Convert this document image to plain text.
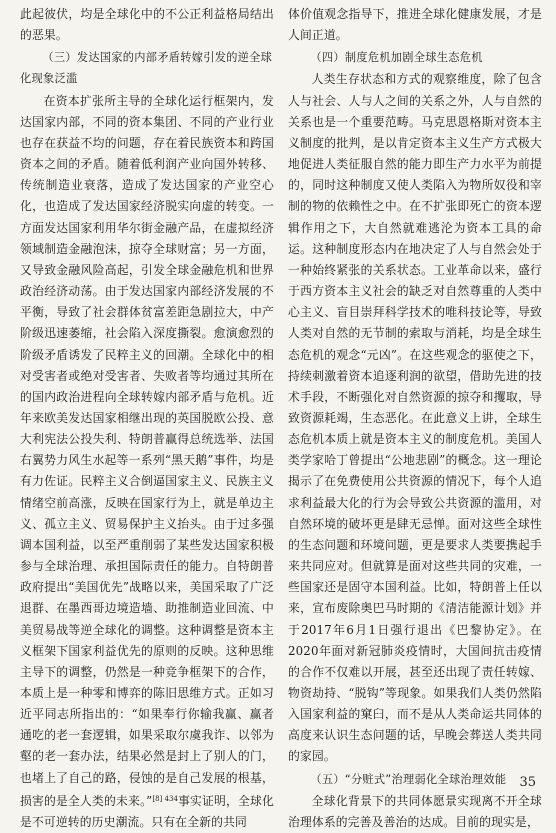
此起彼伏，均是全球化中的不公正利益格局结出的恶果。

（三）发达国家的内部矛盾转嫁引发的逆全球化现象泛滥

在资本扩张所主导的全球化运行框架内，发达国家内部，不同的资本集团、不同的产业行业也存在获益不均的问题，存在着民族资本和跨国资本之间的矛盾。随着低利润产业向国外转移、传统制造业衰落，造成了发达国家的产业空心化，也造成了发达国家经济脱实向虚的转变。一方面发达国家利用华尔街金融产品，在虚拟经济领域制造金融泡沫，掠夺全球财富；另一方面，又导致金融风险高起，引发全球金融危机和世界政治经济动荡。由于发达国家内部经济发展的不平衡，导致了社会群体贫富差距急剧拉大，中产阶级迅速萎缩，社会陷入深度撕裂。愈演愈烈的阶级矛盾诱发了民粹主义的回潮。全球化中的相对受害者或绝对受害者、失败者等均通过其所在的国内政治进程向全球转嫁内部矛盾与危机。近年来欧美发达国家相继出现的英国脱欧公投、意大利宪法公投失利、特朗普赢得总统选举、法国右翼势力风生水起等一系列“黑天鹅”事件，均是有力佐证。民粹主义合倒逼国家主义、民族主义情绪空前高涨，反映在国家行为上，就是单边主义、孤立主义、贸易保护主义抬头。由于过多强调本国利益，以至严重削弱了某些发达国家积极参与全球治理、承担国际责任的能力。自特朗普政府提出“美国优先”战略以来，美国采取了广泛退群、在墨西哥边境造墙、助推制造业回流、中美贸易战等逆全球化的调整。这种调整是资本主义框架下国家利益优先的原则的反映。这种思维主导下的调整，仍然是一种竞争框架下的合作，本质上是一种零和博弈的陈旧思维方式。正如习近平同志所指出的：“如果奉行你输我赢、赢者通吃的老一套逻辑，如果采取尔虞我诈、以邻为壑的老一套办法，结果必然是封上了别人的门，也堵上了自己的路，侵蚀的是自己发展的根基，损害的是全人类的未来。”$^{[8] 434}$事实证明，全球化是不可逆转的历史潮流。只有在全新的共同

体价值观念指导下，推进全球化健康发展，才是人间正道。

（四）制度危机加剧全球生态危机

人类生存状态和方式的观察维度，除了包含人与社会、人与人之间的关系之外，人与自然的关系也是一个重要范畴。马克思恩格斯对资本主义制度的批判，是以肯定资本主义生产方式极大地促进人类征服自然的能力即生产力水平为前提的，同时这种制度又使人类陷入为物所奴役和宰制的物的依赖性之中。在不扩张即死亡的资本逻辑作用之下，大自然就难逃沦为资本工具的命运。这种制度形态内在地决定了人与自然会处于一种始终紧张的关系状态。工业革命以来，盛行于西方资本主义社会的缺乏对自然尊重的人类中心主义、盲目崇拜科学技术的唯科技论等，导致人类对自然的无节制的索取与消耗，均是全球生态危机的观念“元凶”。在这些观念的驱使之下，持续刺激着资本追逐利润的欲望，借助先进的技术手段，不断强化对自然资源的掠夺和攫取，导致资源耗竭，生态恶化。在此意义上讲，全球生态危机本质上就是资本主义的制度危机。美国人类学家哈丁曾提出“公地悲剧”的概念。这一理论揭示了在免费使用公共资源的情况下，每个人追求利益最大化的行为会导致公共资源的滥用，对自然环境的破坏更是肆无忌惮。面对这些全球性的生态问题和环境问题，更是要求人类要携起手来共同应对。但就算是面对这些共同的灾难，一些国家还是固守本国利益。比如，特朗普上任以来，宣布废除奥巴马时期的《清洁能源计划》并于2017年6月1日强行退出《巴黎协定》。在2020年面对新冠肺炎疫情时，大国间抗击疫情的合作不仅难以开展，甚至还出现了责任转嫁、物资劫持、“脱钩”等现象。如果我们人类仍然陷入国家利益的窠臼，而不是从人类命运共同体的高度来认识生态问题的话，早晚会葬送人类共同的家园。

（五）“分赃式”治理弱化全球治理效能

全球化背景下的共同体愿景实现离不开全球治理体系的完善及善治的达成。目前的现实是，

35
